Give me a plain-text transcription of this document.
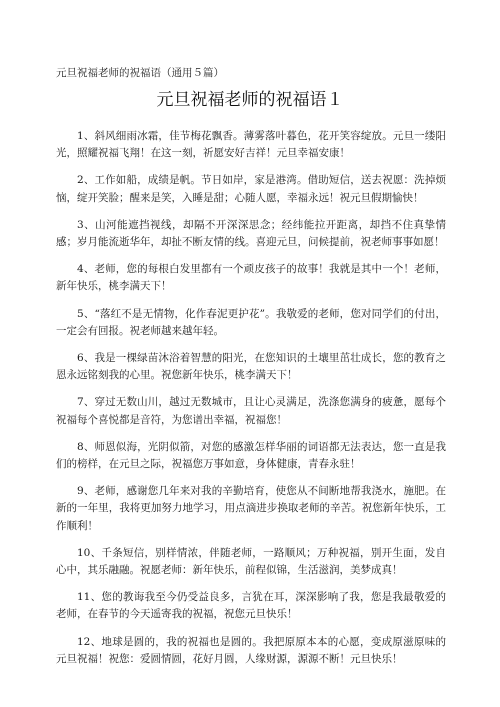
元旦祝福老师的祝福语（通用５篇）
元旦祝福老师的祝福语１

1、斜风细雨冰霜，佳节梅花飘香。薄雾落叶暮色，花开笑容绽放。元旦一缕阳光，照耀祝福飞翔！在这一刻，祈愿安好吉祥！元旦幸福安康！

2、工作如船，成绩是帆。节日如岸，家是港湾。借助短信，送去祝愿：洗掉烦恼，绽开笑脸；醒来是笑，入睡是甜；心随人愿，幸福永远！祝元旦假期愉快！

3、山河能遮挡视线，却隔不开深深思念；经纬能拉开距离，却挡不住真挚情感；岁月能流逝华年，却扯不断友情的线。喜迎元旦，问候提前，祝老师事事如愿！

4、老师，您的每根白发里都有一个顽皮孩子的故事！我就是其中一个！老师，新年快乐，桃李满天下！

5、“落红不是无情物，化作春泥更护花”。我敬爱的老师，您对同学们的付出，一定会有回报。祝老师越来越年轻。

6、我是一棵绿苗沐浴着智慧的阳光，在您知识的土壤里茁壮成长，您的教育之恩永远铭刻我的心里。祝您新年快乐，桃李满天下！

7、穿过无数山川，越过无数城市，且让心灵满足，洗涤您满身的疲惫，愿每个祝福每个喜悦都是音符，为您谱出幸福，祝福您！

8、师恩似海，光阴似箭，对您的感激怎样华丽的词语都无法表达，您一直是我们的榜样，在元旦之际，祝福您万事如意，身体健康，青春永驻！

9、老师，感谢您几年来对我的辛勤培育，使您从不间断地帮我浇水，施肥。在新的一年里，我将更加努力地学习，用点滴进步换取老师的辛苦。祝您新年快乐，工作顺利！

10、千条短信，别样情浓，伴随老师，一路顺风；万种祝福，别开生面，发自心中，其乐融融。祝愿老师：新年快乐，前程似锦，生活滋润，美梦成真！

11、您的教诲我至今仍受益良多，言犹在耳，深深影响了我，您是我最敬爱的老师，在春节的今天遥寄我的祝福，祝您元旦快乐！

12、地球是圆的，我的祝福也是圆的。我把原原本本的心愿，变成原滋原味的元旦祝福！祝您：爱圆情圆，花好月圆，人缘财源，源源不断！元旦快乐！
